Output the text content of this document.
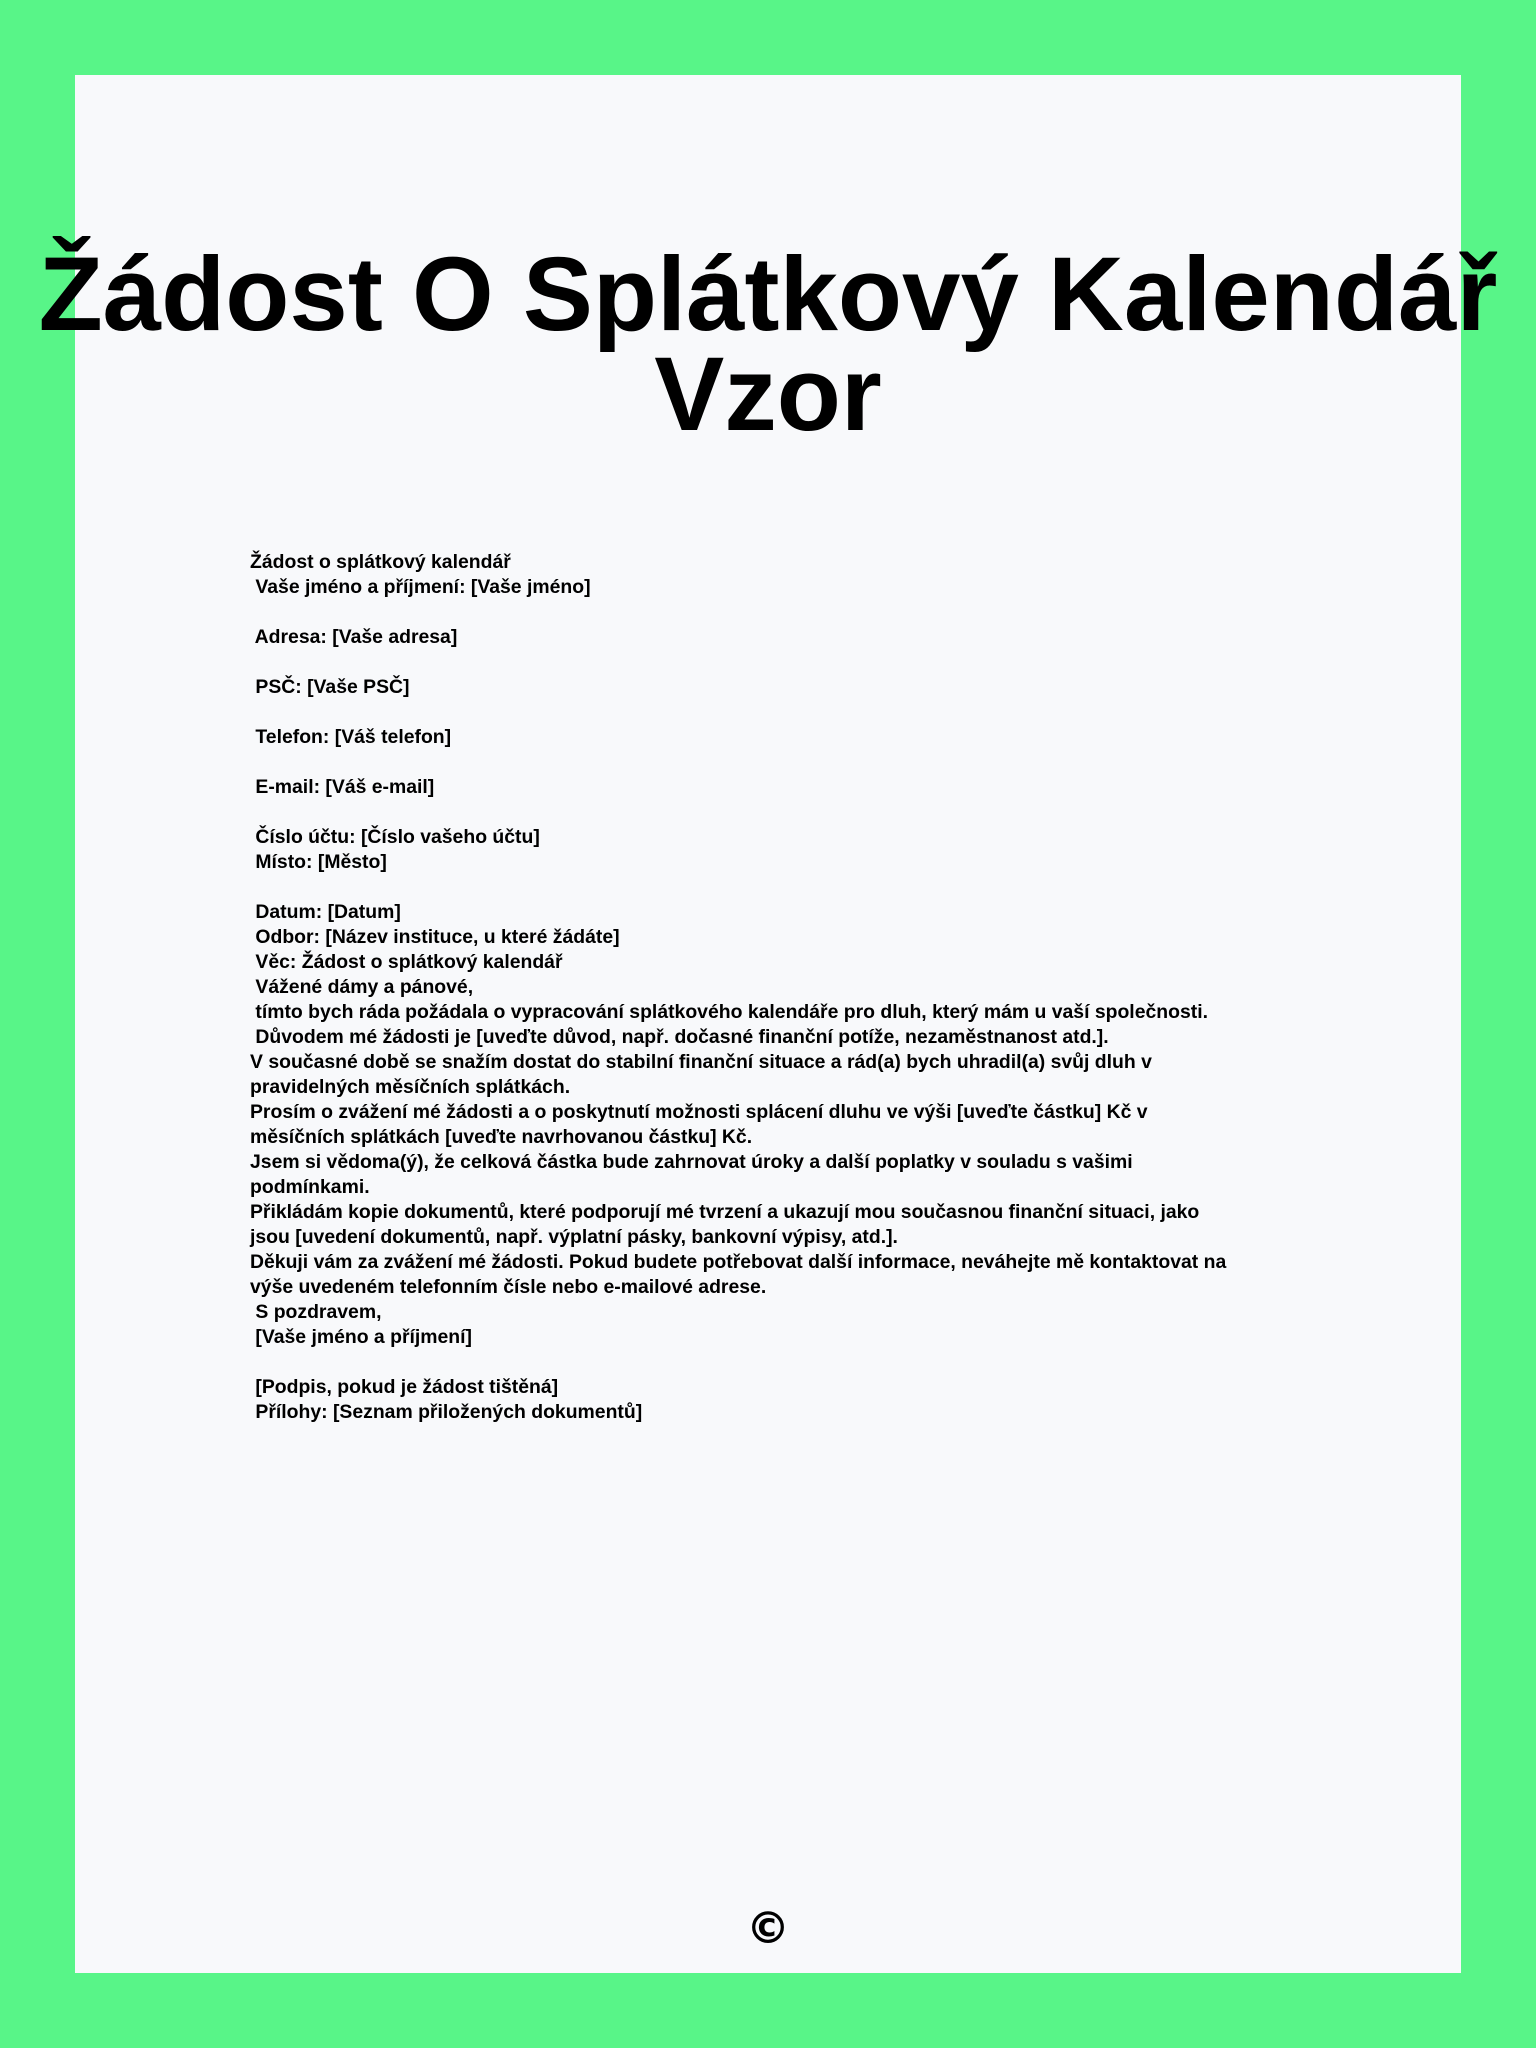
Žádost O Splátkový Kalendář
Vzor
Žádost o splátkový kalendář
Vaše jméno a příjmení: [Vaše jméno]
Adresa: [Vaše adresa]
PSČ: [Vaše PSČ]
Telefon: [Váš telefon]
E-mail: [Váš e-mail]
Číslo účtu: [Číslo vašeho účtu]
Místo: [Město]
Datum: [Datum]
Odbor: [Název instituce, u které žádáte]
Věc: Žádost o splátkový kalendář
Vážené dámy a pánové,
tímto bych ráda požádala o vypracování splátkového kalendáře pro dluh, který mám u vaší společnosti.
Důvodem mé žádosti je [uveďte důvod, např. dočasné finanční potíže, nezaměstnanost atd.].
V současné době se snažím dostat do stabilní finanční situace a rád(a) bych uhradil(a) svůj dluh v
pravidelných měsíčních splátkách.
Prosím o zvážení mé žádosti a o poskytnutí možnosti splácení dluhu ve výši [uveďte částku] Kč v
měsíčních splátkách [uveďte navrhovanou částku] Kč.
Jsem si vědoma(ý), že celková částka bude zahrnovat úroky a další poplatky v souladu s vašimi
podmínkami.
Přikládám kopie dokumentů, které podporují mé tvrzení a ukazují mou současnou finanční situaci, jako
jsou [uvedení dokumentů, např. výplatní pásky, bankovní výpisy, atd.].
Děkuji vám za zvážení mé žádosti. Pokud budete potřebovat další informace, neváhejte mě kontaktovat na
výše uvedeném telefonním čísle nebo e-mailové adrese.
S pozdravem,
[Vaše jméno a příjmení]
[Podpis, pokud je žádost tištěná]
Přílohy: [Seznam přiložených dokumentů]
©
